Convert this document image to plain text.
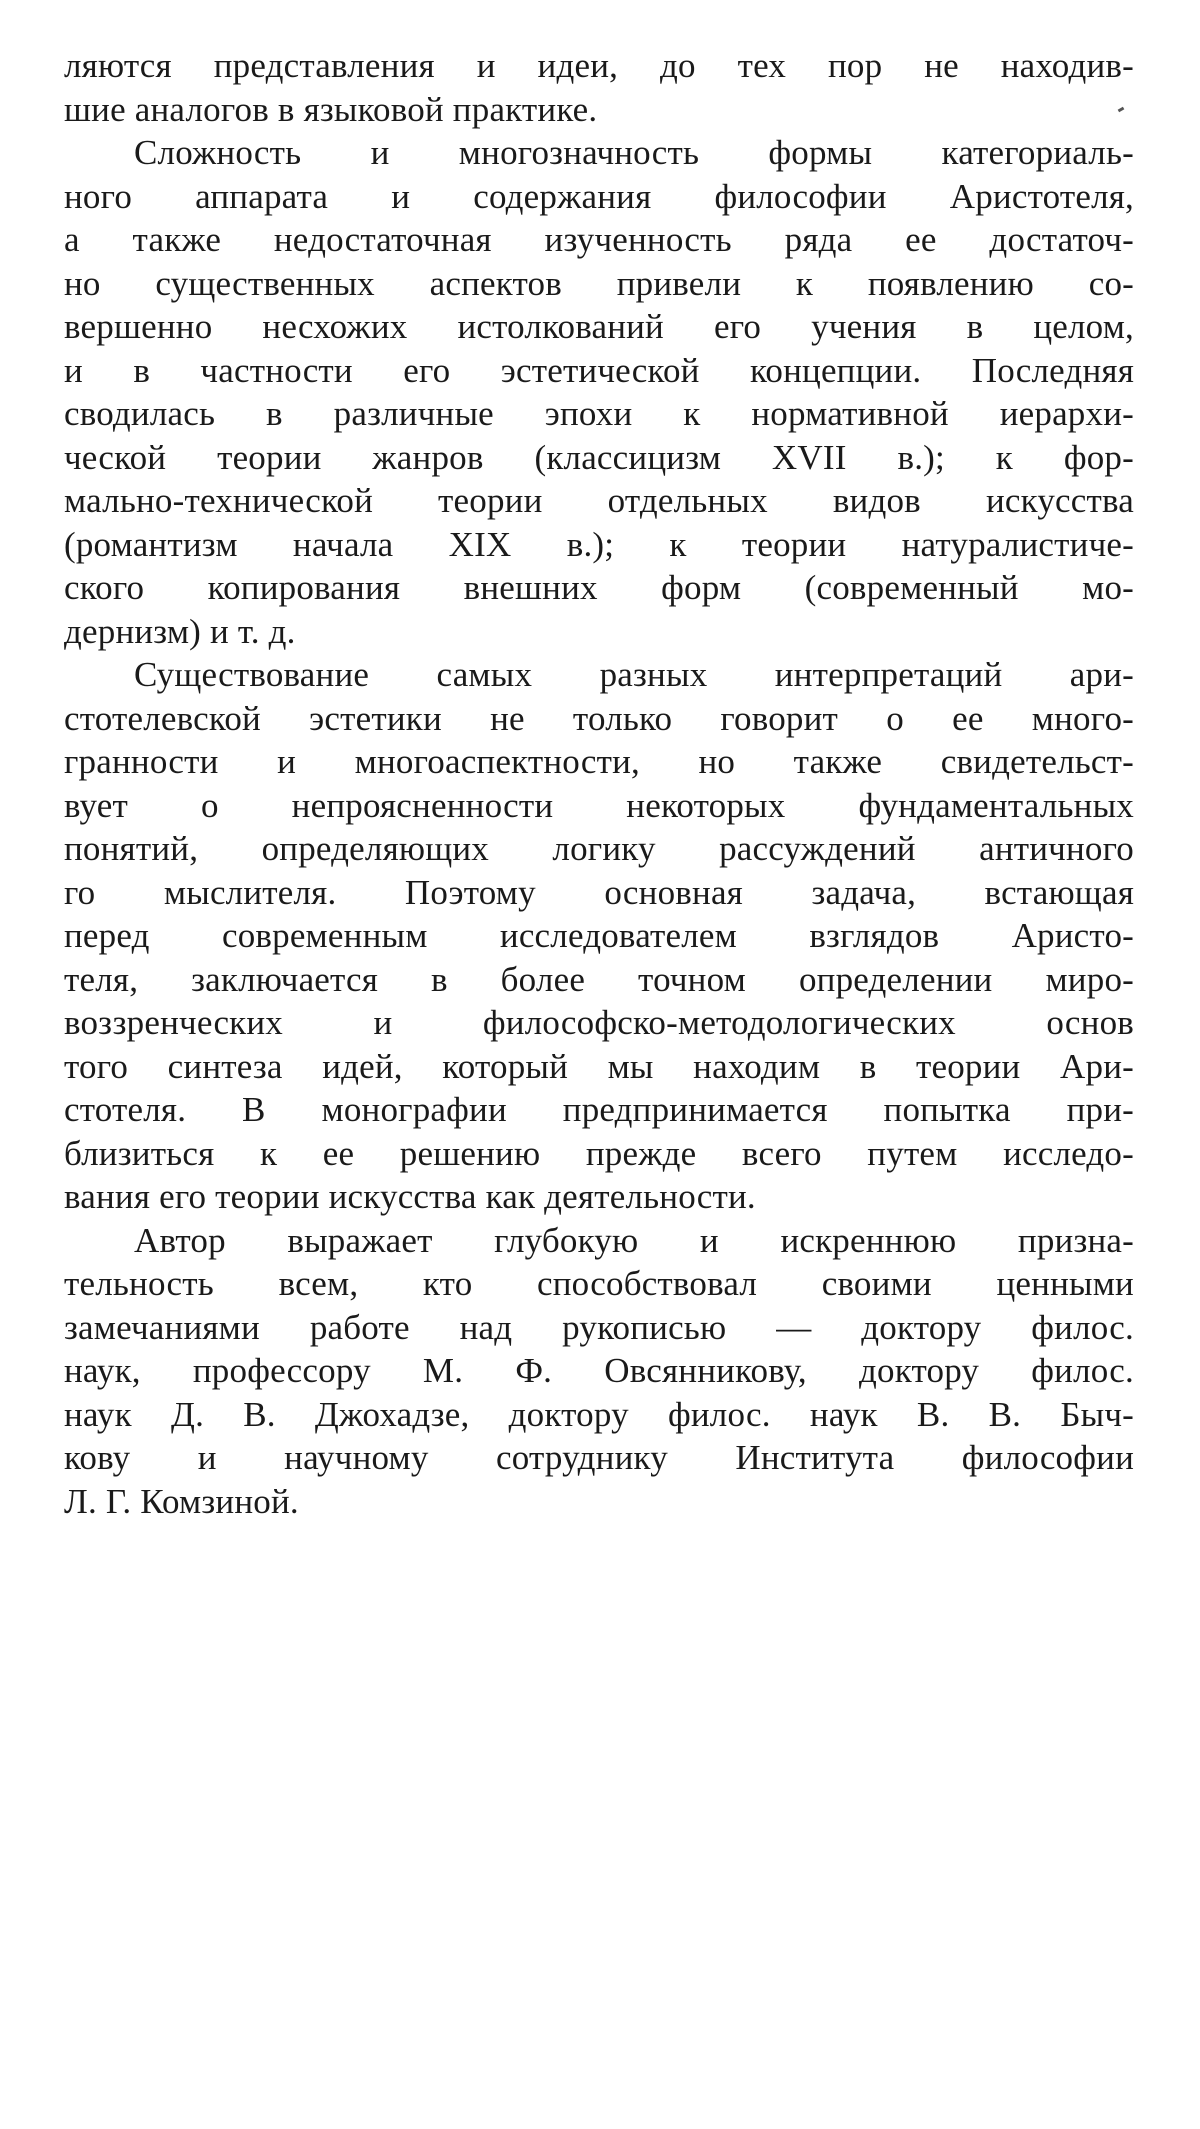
ляются представления и идеи, до тех пор не находив-
шие аналогов в языковой практике.

Сложность и многозначность формы категориаль-
ного аппарата и содержания философии Аристотеля,
а также недостаточная изученность ряда ее достаточ-
но существенных аспектов привели к появлению со-
вершенно несхожих истолкований его учения в целом,
и в частности его эстетической концепции. Последняя
сводилась в различные эпохи к нормативной иерархи-
ческой теории жанров (классицизм XVII в.); к фор-
мально-технической теории отдельных видов искусства
(романтизм начала XIX в.); к теории натуралистиче-
ского копирования внешних форм (современный мо-
дернизм) и т. д.

Существование самых разных интерпретаций ари-
стотелевской эстетики не только говорит о ее много-
гранности и многоаспектности, но также свидетельст-
вует о непроясненности некоторых фундаментальных
понятий, определяющих логику рассуждений античного
го мыслителя. Поэтому основная задача, встающая
перед современным исследователем взглядов Аристо-
теля, заключается в более точном определении миро-
воззренческих и философско-методологических основ
того синтеза идей, который мы находим в теории Ари-
стотеля. В монографии предпринимается попытка при-
близиться к ее решению прежде всего путем исследо-
вания его теории искусства как деятельности.

Автор выражает глубокую и искреннюю призна-
тельность всем, кто способствовал своими ценными
замечаниями работе над рукописью — доктору филос.
наук, профессору М. Ф. Овсянникову, доктору филос.
наук Д. В. Джохадзе, доктору филос. наук В. В. Быч-
кову и научному сотруднику Института философии
Л. Г. Комзиной.
